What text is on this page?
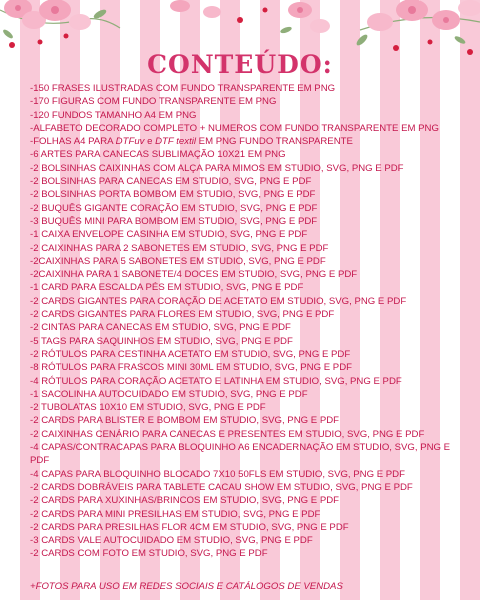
CONTEÚDO:
-150 FRASES ILUSTRADAS COM FUNDO TRANSPARENTE EM PNG
-170 FIGURAS COM FUNDO TRANSPARENTE EM PNG
-120 FUNDOS TAMANHO A4 EM PNG
-ALFABETO DECORADO COMPLETO + NUMEROS COM FUNDO TRANSPARENTE EM PNG
-FOLHAS A4 PARA DTFuv e DTF textil EM PNG FUNDO TRANSPARENTE
-6 ARTES PARA CANECAS SUBLIMAÇÃO 10X21 EM PNG
-2 BOLSINHAS CAIXINHAS COM ALÇA PARA MIMOS EM STUDIO, SVG, PNG E PDF
-2 BOLSINHAS PARA CANECAS EM STUDIO, SVG, PNG E PDF
-2 BOLSINHAS PORTA BOMBOM EM STUDIO, SVG, PNG E PDF
-2 BUQUÊS GIGANTE CORAÇÃO EM STUDIO, SVG, PNG E PDF
-3 BUQUÊS MINI PARA BOMBOM EM STUDIO, SVG, PNG E PDF
-1 CAIXA ENVELOPE CASINHA EM STUDIO, SVG, PNG E PDF
-2 CAIXINHAS PARA 2 SABONETES EM STUDIO, SVG, PNG E PDF
-2CAIXINHAS PARA 5 SABONETES EM STUDIO, SVG, PNG E PDF
-2CAIXINHA PARA 1 SABONETE/4 DOCES EM STUDIO, SVG, PNG E PDF
-1 CARD PARA ESCALDA PÉS EM STUDIO, SVG, PNG E PDF
-2 CARDS GIGANTES PARA CORAÇÃO DE ACETATO EM STUDIO, SVG, PNG E PDF
-2 CARDS GIGANTES PARA FLORES EM STUDIO, SVG, PNG E PDF
-2 CINTAS PARA CANECAS EM STUDIO, SVG, PNG E PDF
-5 TAGS PARA SAQUINHOS EM STUDIO, SVG, PNG E PDF
-2 RÓTULOS PARA CESTINHA ACETATO EM STUDIO, SVG, PNG E PDF
-8 RÓTULOS PARA FRASCOS MINI 30ML EM STUDIO, SVG, PNG E PDF
-4 RÓTULOS PARA CORAÇÃO ACETATO E LATINHA EM STUDIO, SVG, PNG E PDF
-1 SACOLINHA AUTOCUIDADO EM STUDIO, SVG, PNG E PDF
-2 TUBOLATAS 10X10 EM STUDIO, SVG, PNG E PDF
-2 CARDS PARA BLISTER E BOMBOM EM STUDIO, SVG, PNG E PDF
-2 CAIXINHAS CENÁRIO PARA CANECAS E PRESENTES EM STUDIO, SVG, PNG E PDF
-4 CAPAS/CONTRACAPAS PARA BLOQUINHO A6 ENCADERNAÇÃO EM STUDIO, SVG, PNG E PDF
-4 CAPAS PARA BLOQUINHO BLOCADO 7X10 50FLS EM STUDIO, SVG, PNG E PDF
-2 CARDS DOBRÁVEIS PARA TABLETE CACAU SHOW EM STUDIO, SVG, PNG E PDF
-2 CARDS PARA XUXINHAS/BRINCOS EM STUDIO, SVG, PNG E PDF
-2 CARDS PARA MINI PRESILHAS EM STUDIO, SVG, PNG E PDF
-2 CARDS PARA PRESILHAS FLOR 4CM EM STUDIO, SVG, PNG E PDF
-3 CARDS VALE AUTOCUIDADO EM STUDIO, SVG, PNG E PDF
-2 CARDS COM FOTO EM STUDIO, SVG, PNG E PDF

+FOTOS PARA USO EM REDES SOCIAIS E CATÁLOGOS DE VENDAS
